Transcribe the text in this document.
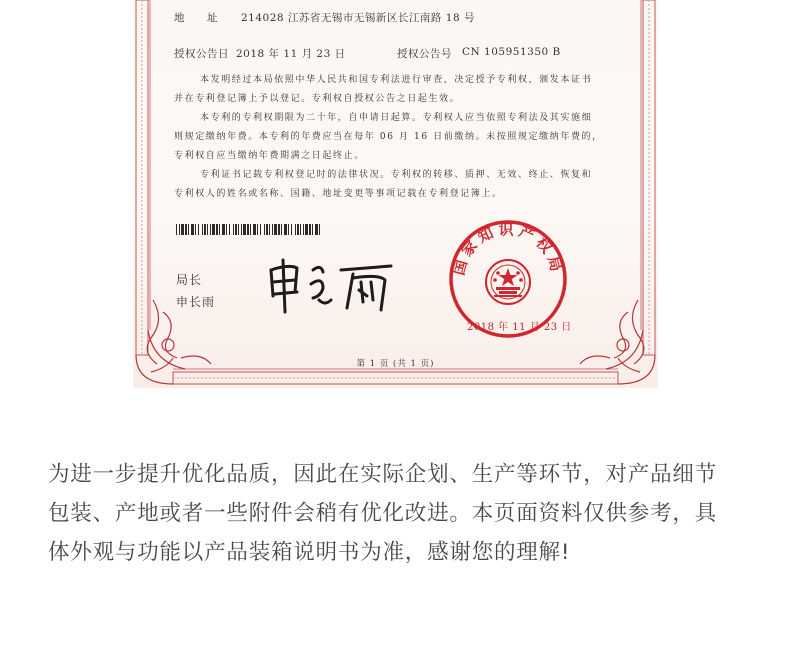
地　　址 214028 江苏省无锡市无锡新区长江南路 18 号
授权公告日 2018 年 11 月 23 日	授权公告号 CN 105951350 B

本发明经过本局依照中华人民共和国专利法进行审查，决定授予专利权，颁发本证书

并在专利登记簿上予以登记。专利权自授权公告之日起生效。

本专利的专利权期限为二十年，自申请日起算。专利权人应当依照专利法及其实施细

则规定缴纳年费。本专利的年费应当在每年 06 月 16 日前缴纳。未按照规定缴纳年费的，

专利权自应当缴纳年费期满之日起终止。

专利证书记载专利权登记时的法律状况。专利权的转移、质押、无效、终止、恢复和

专利权人的姓名或名称、国籍、地址变更等事项记载在专利登记簿上。

局长
申长雨
国家知识产权局
2018 年 11 月 23 日
第 1 页 (共 1 页)
为进一步提升优化品质，因此在实际企划、生产等环节，对产品细节
包装、产地或者一些附件会稍有优化改进。本页面资料仅供参考，具
体外观与功能以产品装箱说明书为准，感谢您的理解!
